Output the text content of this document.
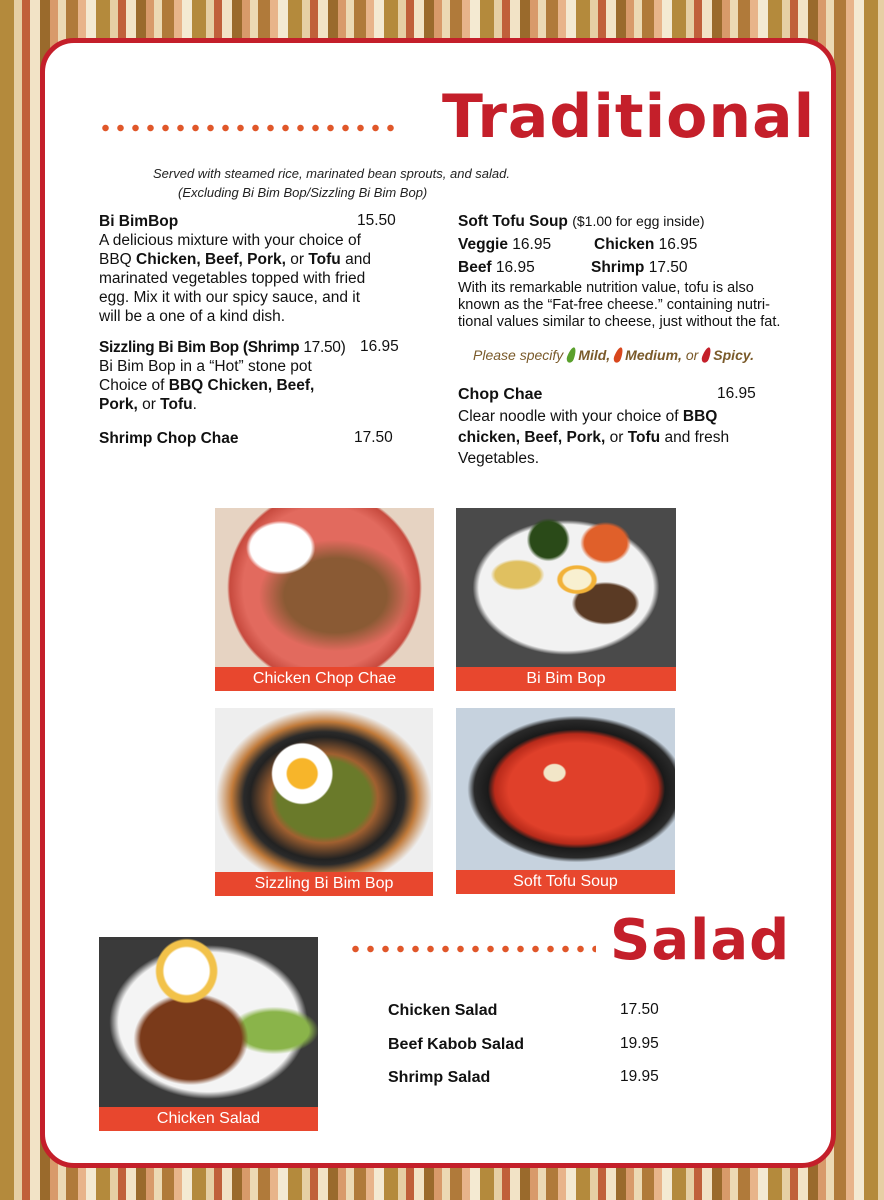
Traditional
Served with steamed rice, marinated bean sprouts, and salad.
(Excluding Bi Bim Bop/Sizzling Bi Bim Bop)
Bi BimBop	15.50
A delicious mixture with your choice of
BBQ Chicken, Beef, Pork, or Tofu and
marinated vegetables topped with fried
egg. Mix it with our spicy sauce, and it
will be a one of a kind dish.
Sizzling Bi Bim Bop (Shrimp 17.50) 16.95
Bi Bim Bop in a “Hot” stone pot
Choice of BBQ Chicken, Beef,
Pork, or Tofu.
Shrimp Chop Chae	17.50
Soft Tofu Soup ($1.00 for egg inside)
Veggie 16.95	Chicken 16.95
Beef 16.95	Shrimp 17.50
With its remarkable nutrition value, tofu is also
known as the “Fat-free cheese.” containing nutri-
tional values similar to cheese, just without the fat.
Please specify Mild, Medium, or Spicy.
Chop Chae	16.95
Clear noodle with your choice of BBQ
chicken, Beef, Pork, or Tofu and fresh
Vegetables.
Chicken Chop Chae	Bi Bim Bop
Sizzling Bi Bim Bop	Soft Tofu Soup
Salad
Chicken Salad
Chicken Salad	17.50
Beef Kabob Salad	19.95
Shrimp Salad	19.95
